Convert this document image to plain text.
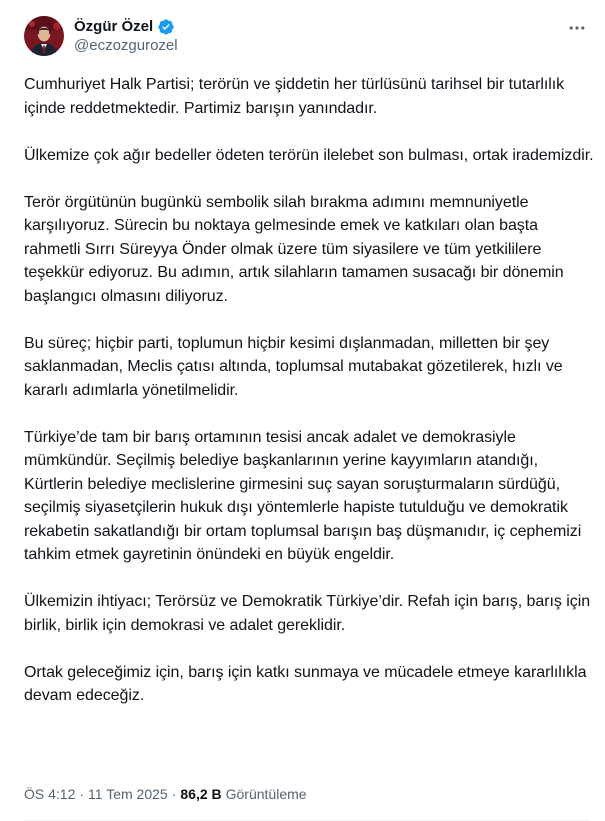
Özgür Özel
@eczozgurozel

Cumhuriyet Halk Partisi; terörün ve şiddetin her türlüsünü tarihsel bir tutarlılık içinde reddetmektedir. Partimiz barışın yanındadır.

Ülkemize çok ağır bedeller ödeten terörün ilelebet son bulması, ortak irademizdir.

Terör örgütünün bugünkü sembolik silah bırakma adımını memnuniyetle karşılıyoruz. Sürecin bu noktaya gelmesinde emek ve katkıları olan başta rahmetli Sırrı Süreyya Önder olmak üzere tüm siyasilere ve tüm yetkililere teşekkür ediyoruz. Bu adımın, artık silahların tamamen susacağı bir dönemin başlangıcı olmasını diliyoruz.

Bu süreç; hiçbir parti, toplumun hiçbir kesimi dışlanmadan, milletten bir şey saklanmadan, Meclis çatısı altında, toplumsal mutabakat gözetilerek, hızlı ve kararlı adımlarla yönetilmelidir.

Türkiye’de tam bir barış ortamının tesisi ancak adalet ve demokrasiyle mümkündür. Seçilmiş belediye başkanlarının yerine kayyımların atandığı, Kürtlerin belediye meclislerine girmesini suç sayan soruşturmaların sürdüğü, seçilmiş siyasetçilerin hukuk dışı yöntemlerle hapiste tutulduğu ve demokratik rekabetin sakatlandığı bir ortam toplumsal barışın baş düşmanıdır, iç cephemizi tahkim etmek gayretinin önündeki en büyük engeldir.

Ülkemizin ihtiyacı; Terörsüz ve Demokratik Türkiye’dir. Refah için barış, barış için birlik, birlik için demokrasi ve adalet gereklidir.

Ortak geleceğimiz için, barış için katkı sunmaya ve mücadele etmeye kararlılıkla devam edeceğiz.

ÖS 4:12 · 11 Tem 2025 · 86,2 B Görüntüleme
